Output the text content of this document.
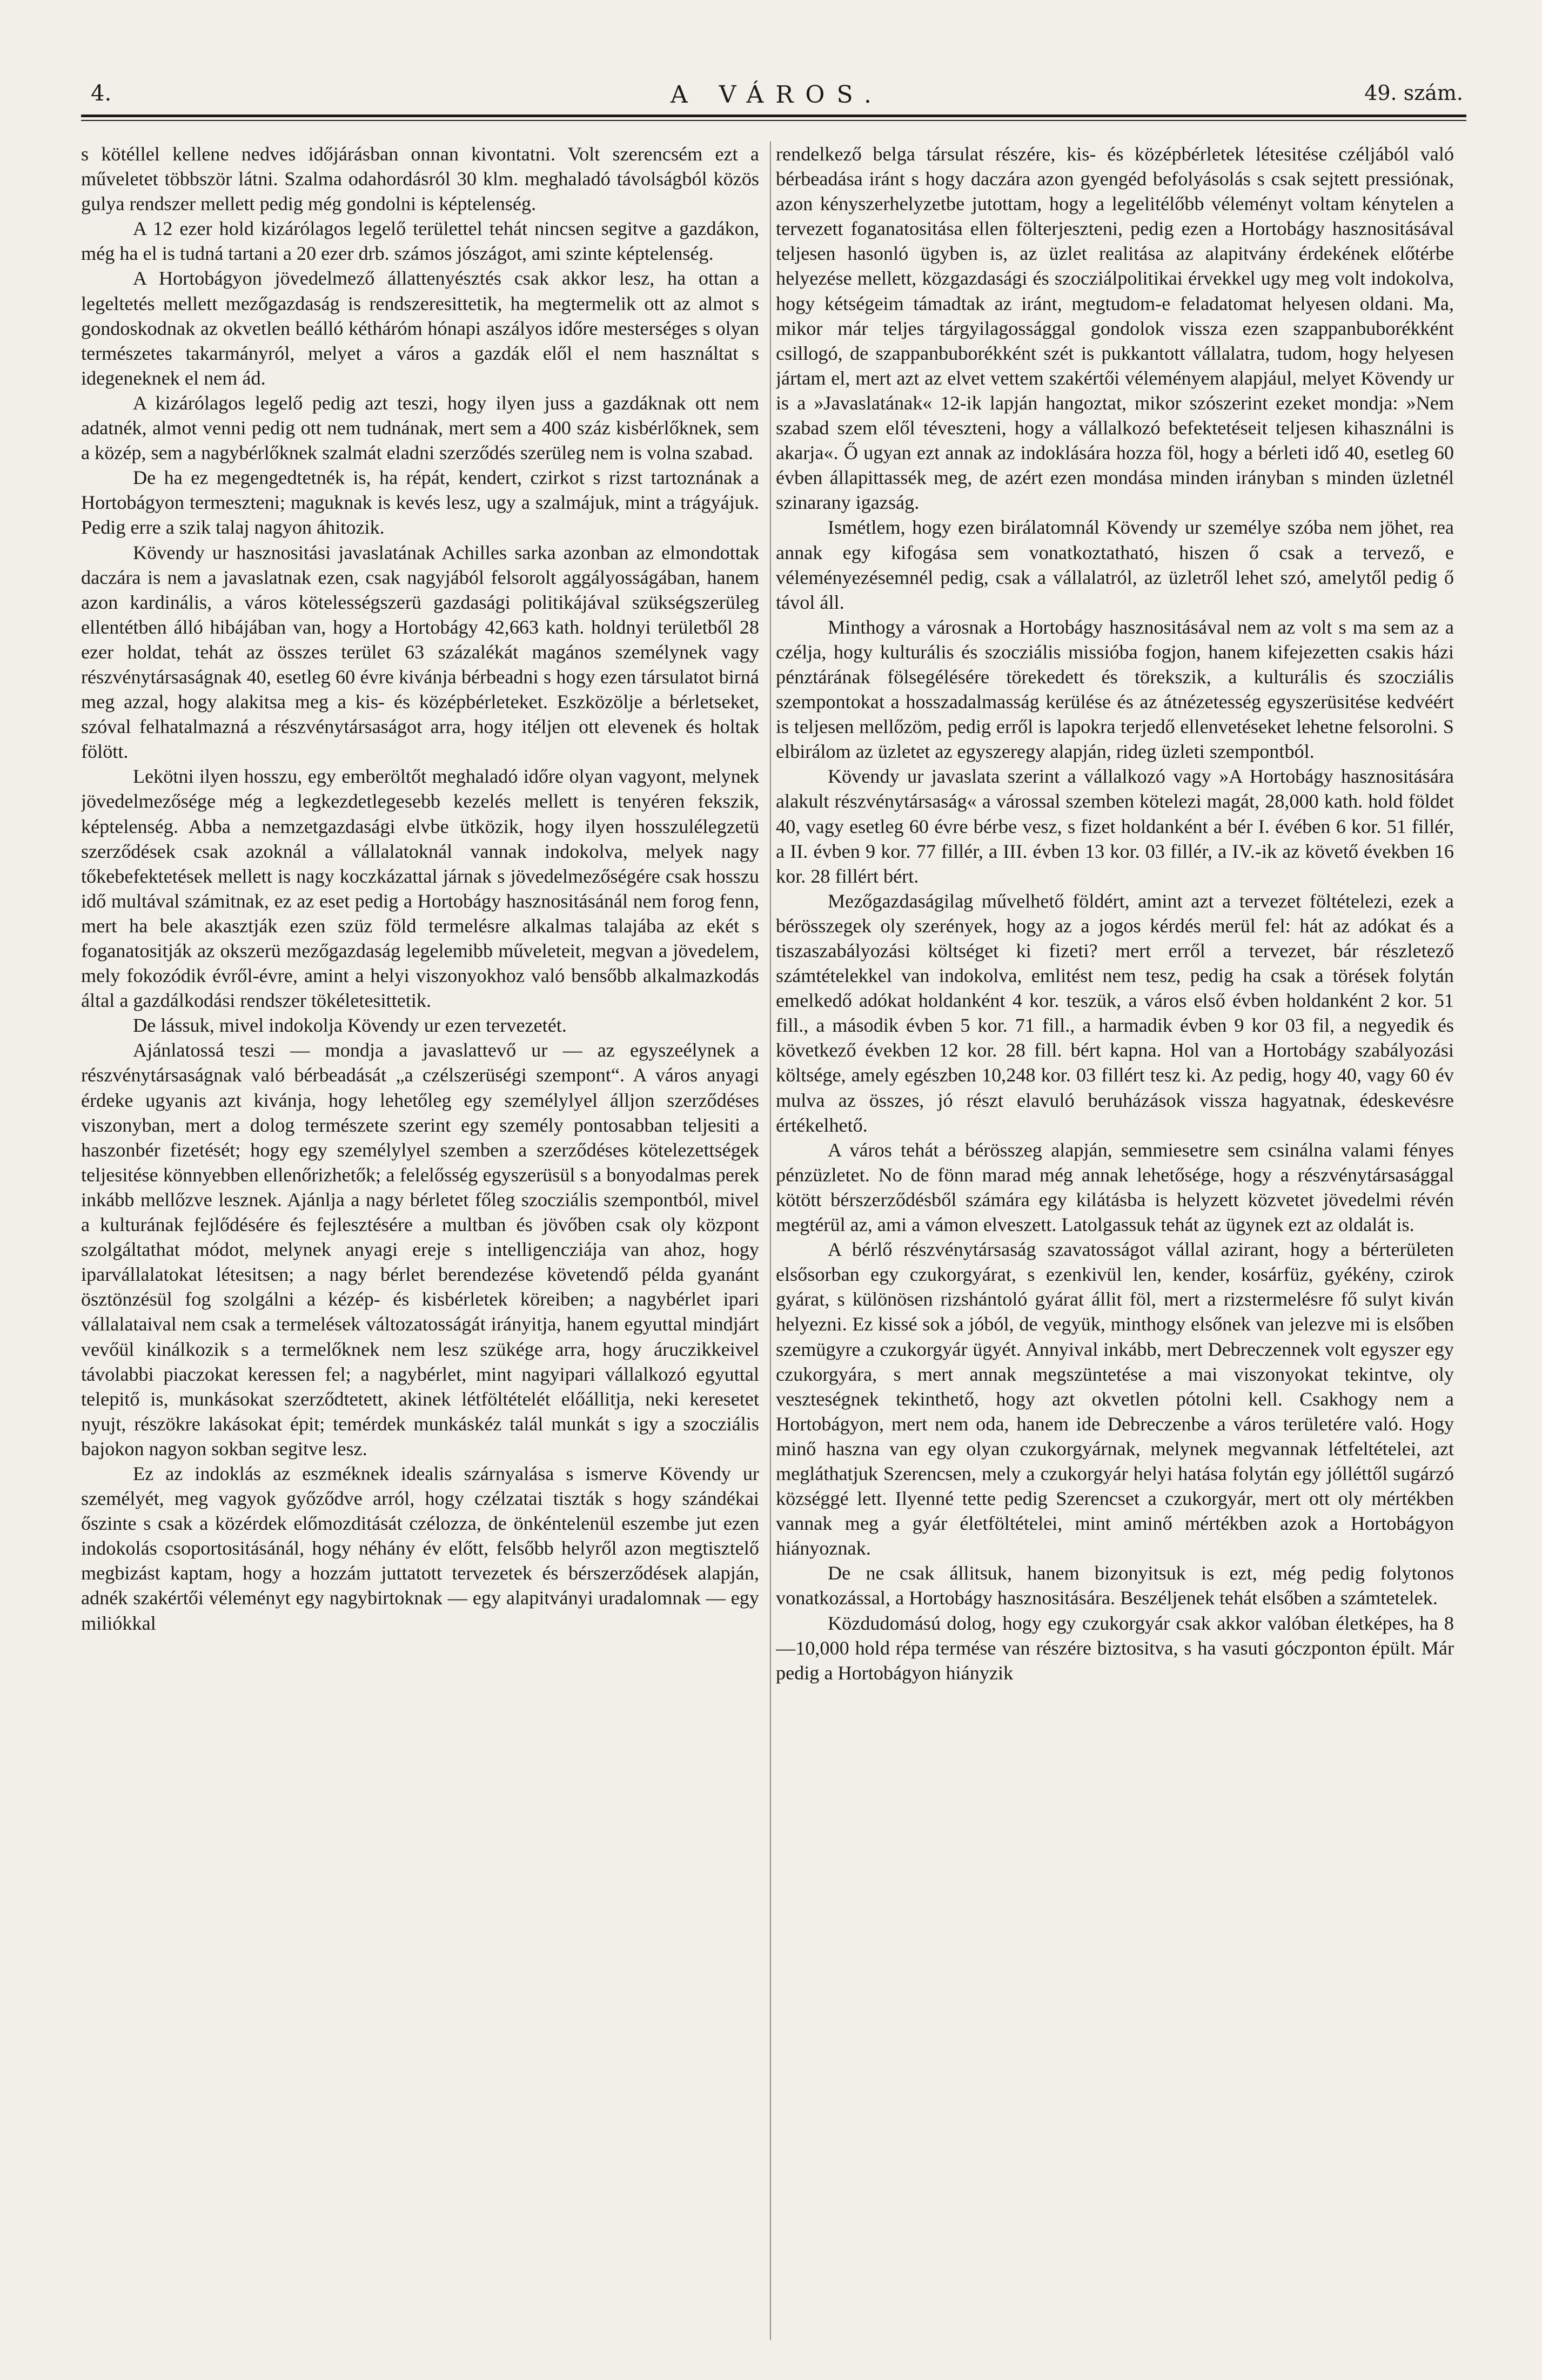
4.	A VÁROS.	49. szám.

s kötéllel kellene nedves időjárásban onnan kivontatni. Volt szerencsém ezt a műveletet többször látni. Szalma odahordásról 30 klm. meghaladó távolságból közös gulya rendszer mellett pedig még gondolni is képtelenség.

A 12 ezer hold kizárólagos legelő területtel tehát nincsen segitve a gazdákon, még ha el is tudná tartani a 20 ezer drb. számos jószágot, ami szinte képtelenség.

A Hortobágyon jövedelmező állattenyésztés csak akkor lesz, ha ottan a legeltetés mellett mezőgazdaság is rendszeresittetik, ha megtermelik ott az almot s gondoskodnak az okvetlen beálló kétháróm hónapi aszályos időre mesterséges s olyan természetes takarmányról, melyet a város a gazdák elől el nem használtat s idegeneknek el nem ád.

A kizárólagos legelő pedig azt teszi, hogy ilyen juss a gazdáknak ott nem adatnék, almot venni pedig ott nem tudnának, mert sem a 400 száz kisbérlőknek, sem a közép, sem a nagybérlőknek szalmát eladni szerződés szerüleg nem is volna szabad.

De ha ez megengedtetnék is, ha répát, kendert, czirkot s rizst tartoznának a Hortobágyon termeszteni; maguknak is kevés lesz, ugy a szalmájuk, mint a trágyájuk. Pedig erre a szik talaj nagyon áhitozik.

Kövendy ur hasznositási javaslatának Achilles sarka azonban az elmondottak daczára is nem a javaslatnak ezen, csak nagyjából felsorolt aggályosságában, hanem azon kardinális, a város kötelességszerü gazdasági politikájával szükségszerüleg ellentétben álló hibájában van, hogy a Hortobágy 42,663 kath. holdnyi területből 28 ezer holdat, tehát az összes terület 63 százalékát magános személynek vagy részvénytársaságnak 40, esetleg 60 évre kivánja bérbeadni s hogy ezen társulatot birná meg azzal, hogy alakitsa meg a kis- és középbérleteket. Eszközölje a bérletseket, szóval felhatalmazná a részvénytársaságot arra, hogy itéljen ott elevenek és holtak fölött.

Lekötni ilyen hosszu, egy emberöltőt meghaladó időre olyan vagyont, melynek jövedelmezősége még a legkezdetlegesebb kezelés mellett is tenyéren fekszik, képtelenség. Abba a nemzetgazdasági elvbe ütközik, hogy ilyen hosszulélegzetü szerződések csak azoknál a vállalatoknál vannak indokolva, melyek nagy tőkebefektetések mellett is nagy koczkázattal járnak s jövedelmezőségére csak hosszu idő multával számitnak, ez az eset pedig a Hortobágy hasznositásánál nem forog fenn, mert ha bele akasztják ezen szüz föld termelésre alkalmas talajába az ekét s foganatositják az okszerü mezőgazdaság legelemibb műveleteit, megvan a jövedelem, mely fokozódik évről-évre, amint a helyi viszonyokhoz való bensőbb alkalmazkodás által a gazdálkodási rendszer tökéletesittetik.

De lássuk, mivel indokolja Kövendy ur ezen tervezetét.

Ajánlatossá teszi — mondja a javaslattevő ur — az egyszeélynek a részvénytársaságnak való bérbeadását „a czélszerüségi szempont“. A város anyagi érdeke ugyanis azt kivánja, hogy lehetőleg egy személylyel álljon szerződéses viszonyban, mert a dolog természete szerint egy személy pontosabban teljesiti a haszonbér fizetését; hogy egy személylyel szemben a szerződéses kötelezettségek teljesitése könnyebben ellenőrizhetők; a felelősség egyszerüsül s a bonyodalmas perek inkább mellőzve lesznek. Ajánlja a nagy bérletet főleg szocziális szempontból, mivel a kulturának fejlődésére és fejlesztésére a multban és jövőben csak oly központ szolgáltathat módot, melynek anyagi ereje s intelligencziája van ahoz, hogy iparvállalatokat létesitsen; a nagy bérlet berendezése követendő példa gyanánt ösztönzésül fog szolgálni a kézép- és kisbérletek köreiben; a nagybérlet ipari vállalataival nem csak a termelések változatosságát irányitja, hanem egyuttal mindjárt vevőül kinálkozik s a termelőknek nem lesz szükége arra, hogy áruczikkeivel távolabbi piaczokat keressen fel; a nagybérlet, mint nagyipari vállalkozó egyuttal telepitő is, munkásokat szerződtetett, akinek létföltételét előállitja, neki keresetet nyujt, részökre lakásokat épit; temérdek munkáskéz talál munkát s igy a szocziális bajokon nagyon sokban segitve lesz.

Ez az indoklás az eszméknek idealis szárnyalása s ismerve Kövendy ur személyét, meg vagyok győződve arról, hogy czélzatai tiszták s hogy szándékai őszinte s csak a közérdek előmozditását czélozza, de önkéntelenül eszembe jut ezen indokolás csoportositásánál, hogy néhány év előtt, felsőbb helyről azon megtisztelő megbizást kaptam, hogy a hozzám juttatott tervezetek és bérszerződések alapján, adnék szakértői véleményt egy nagybirtoknak — egy alapitványi uradalomnak — egy miliókkal

rendelkező belga társulat részére, kis- és középbérletek létesitése czéljából való bérbeadása iránt s hogy daczára azon gyengéd befolyásolás s csak sejtett pressiónak, azon kényszerhelyzetbe jutottam, hogy a legelitélőbb véleményt voltam kénytelen a tervezett foganatositása ellen fölterjeszteni, pedig ezen a Hortobágy hasznositásával teljesen hasonló ügyben is, az üzlet realitása az alapitvány érdekének előtérbe helyezése mellett, közgazdasági és szocziálpolitikai érvekkel ugy meg volt indokolva, hogy kétségeim támadtak az iránt, megtudom-e feladatomat helyesen oldani. Ma, mikor már teljes tárgyilagossággal gondolok vissza ezen szappanbuborékként csillogó, de szappanbuborékként szét is pukkantott vállalatra, tudom, hogy helyesen jártam el, mert azt az elvet vettem szakértői véleményem alapjául, melyet Kövendy ur is a »Javaslatának« 12-ik lapján hangoztat, mikor szószerint ezeket mondja: »Nem szabad szem elől téveszteni, hogy a vállalkozó befektetéseit teljesen kihasználni is akarja«. Ő ugyan ezt annak az indoklására hozza föl, hogy a bérleti idő 40, esetleg 60 évben állapittassék meg, de azért ezen mondása minden irányban s minden üzletnél szinarany igazság.

Ismétlem, hogy ezen birálatomnál Kövendy ur személye szóba nem jöhet, rea annak egy kifogása sem vonatkoztatható, hiszen ő csak a tervező, e véleményezésemnél pedig, csak a vállalatról, az üzletről lehet szó, amelytől pedig ő távol áll.

Minthogy a városnak a Hortobágy hasznositásával nem az volt s ma sem az a czélja, hogy kulturális és szocziális missióba fogjon, hanem kifejezetten csakis házi pénztárának fölsegélésére törekedett és törekszik, a kulturális és szocziális szempontokat a hosszadalmasság kerülése és az átnézetesség egyszerüsitése kedvéért is teljesen mellőzöm, pedig erről is lapokra terjedő ellenvetéseket lehetne felsorolni. S elbirálom az üzletet az egyszeregy alapján, rideg üzleti szempontból.

Kövendy ur javaslata szerint a vállalkozó vagy »A Hortobágy hasznositására alakult részvénytársaság« a várossal szemben kötelezi magát, 28,000 kath. hold földet 40, vagy esetleg 60 évre bérbe vesz, s fizet holdanként a bér I. évében 6 kor. 51 fillér, a II. évben 9 kor. 77 fillér, a III. évben 13 kor. 03 fillér, a IV.-ik az követő években 16 kor. 28 fillért bért.

Mezőgazdaságilag művelhető földért, amint azt a tervezet föltételezi, ezek a bérösszegek oly szerények, hogy az a jogos kérdés merül fel: hát az adókat és a tiszaszabályozási költséget ki fizeti? mert erről a tervezet, bár részletező számtételekkel van indokolva, emlitést nem tesz, pedig ha csak a törések folytán emelkedő adókat holdanként 4 kor. teszük, a város első évben holdanként 2 kor. 51 fill., a második évben 5 kor. 71 fill., a harmadik évben 9 kor 03 fil, a negyedik és következő években 12 kor. 28 fill. bért kapna. Hol van a Hortobágy szabályozási költsége, amely egészben 10,248 kor. 03 fillért tesz ki. Az pedig, hogy 40, vagy 60 év mulva az összes, jó részt elavuló beruházások vissza hagyatnak, édeskevésre értékelhető.

A város tehát a bérösszeg alapján, semmiesetre sem csinálna valami fényes pénzüzletet. No de fönn marad még annak lehetősége, hogy a részvénytársasággal kötött bérszerződésből számára egy kilátásba is helyzett közvetet jövedelmi révén megtérül az, ami a vámon elveszett. Latolgassuk tehát az ügynek ezt az oldalát is.

A bérlő részvénytársaság szavatosságot vállal azirant, hogy a bérterületen elsősorban egy czukorgyárat, s ezenkivül len, kender, kosárfüz, gyékény, czirok gyárat, s különösen rizshántoló gyárat állit föl, mert a rizstermelésre fő sulyt kiván helyezni. Ez kissé sok a jóból, de vegyük, minthogy elsőnek van jelezve mi is elsőben szemügyre a czukorgyár ügyét. Annyival inkább, mert Debreczennek volt egyszer egy czukorgyára, s mert annak megszüntetése a mai viszonyokat tekintve, oly veszteségnek tekinthető, hogy azt okvetlen pótolni kell. Csakhogy nem a Hortobágyon, mert nem oda, hanem ide Debreczenbe a város területére való. Hogy minő haszna van egy olyan czukorgyárnak, melynek megvannak létfeltételei, azt megláthatjuk Szerencsen, mely a czukorgyár helyi hatása folytán egy jólléttől sugárzó községgé lett. Ilyenné tette pedig Szerencset a czukorgyár, mert ott oly mértékben vannak meg a gyár életföltételei, mint aminő mértékben azok a Hortobágyon hiányoznak.

De ne csak állitsuk, hanem bizonyitsuk is ezt, még pedig folytonos vonatkozással, a Hortobágy hasznositására. Beszéljenek tehát elsőben a számtetelek.

Közdudomású dolog, hogy egy czukorgyár csak akkor valóban életképes, ha 8—10,000 hold répa termése van részére biztositva, s ha vasuti góczponton épült. Már pedig a Hortobágyon hiányzik
